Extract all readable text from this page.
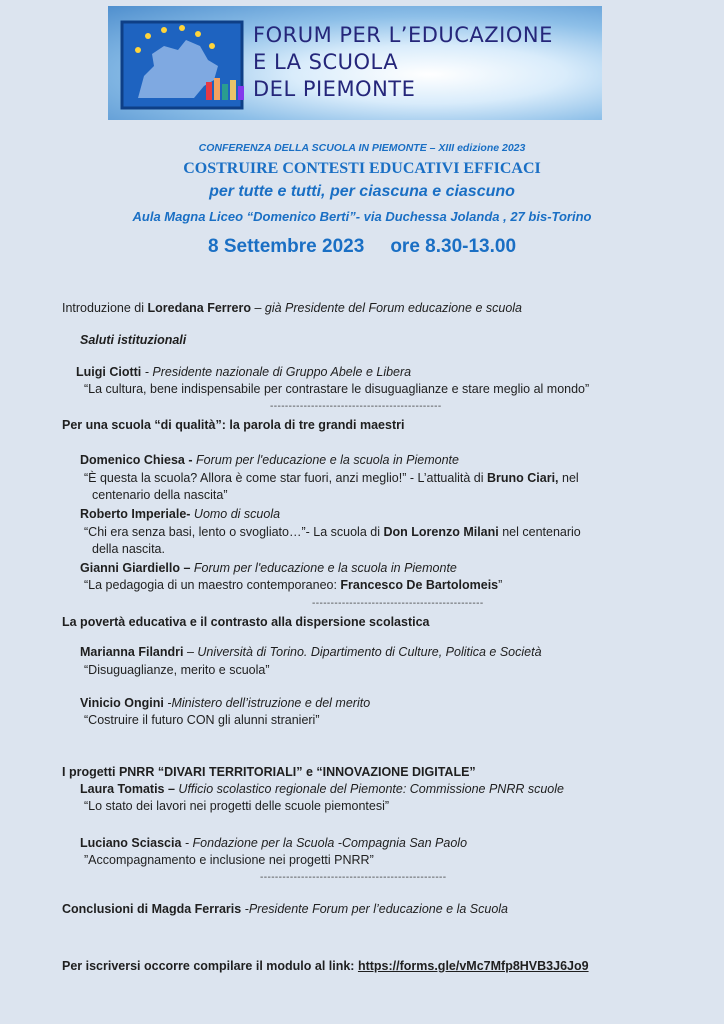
FORUM PER L’EDUCAZIONE
E LA SCUOLA
DEL PIEMONTE
CONFERENZA DELLA SCUOLA IN PIEMONTE – XIII edizione 2023
COSTRUIRE CONTESTI EDUCATIVI EFFICACI
per tutte e tutti, per ciascuna e ciascuno
Aula Magna Liceo “Domenico Berti”- via Duchessa Jolanda , 27 bis-Torino
8 Settembre 2023 ore 8.30-13.00
Introduzione di Loredana Ferrero – già Presidente del Forum educazione e scuola
Saluti istituzionali
Luigi Ciotti - Presidente nazionale di Gruppo Abele e Libera
“La cultura, bene indispensabile per contrastare le disuguaglianze e stare meglio al mondo”
----------------------------------------------
Per una scuola “di qualità”: la parola di tre grandi maestri
Domenico Chiesa - Forum per l'educazione e la scuola in Piemonte
“È questa la scuola? Allora è come star fuori, anzi meglio!” - L’attualità di Bruno Ciari, nel
centenario della nascita”
Roberto Imperiale- Uomo di scuola
“Chi era senza basi, lento o svogliato…”- La scuola di Don Lorenzo Milani nel centenario
della nascita.
Gianni Giardiello – Forum per l'educazione e la scuola in Piemonte
“La pedagogia di un maestro contemporaneo: Francesco De Bartolomeis”
----------------------------------------------
La povertà educativa e il contrasto alla dispersione scolastica
Marianna Filandri – Università di Torino. Dipartimento di Culture, Politica e Società
“Disuguaglianze, merito e scuola”
Vinicio Ongini -Ministero dell’istruzione e del merito
“Costruire il futuro CON gli alunni stranieri”
I progetti PNRR “DIVARI TERRITORIALI” e “INNOVAZIONE DIGITALE”
Laura Tomatis – Ufficio scolastico regionale del Piemonte: Commissione PNRR scuole
“Lo stato dei lavori nei progetti delle scuole piemontesi”
Luciano Sciascia - Fondazione per la Scuola -Compagnia San Paolo
”Accompagnamento e inclusione nei progetti PNRR”
--------------------------------------------------
Conclusioni di Magda Ferraris -Presidente Forum per l’educazione e la Scuola
Per iscriversi occorre compilare il modulo al link: https://forms.gle/vMc7Mfp8HVB3J6Jo9
